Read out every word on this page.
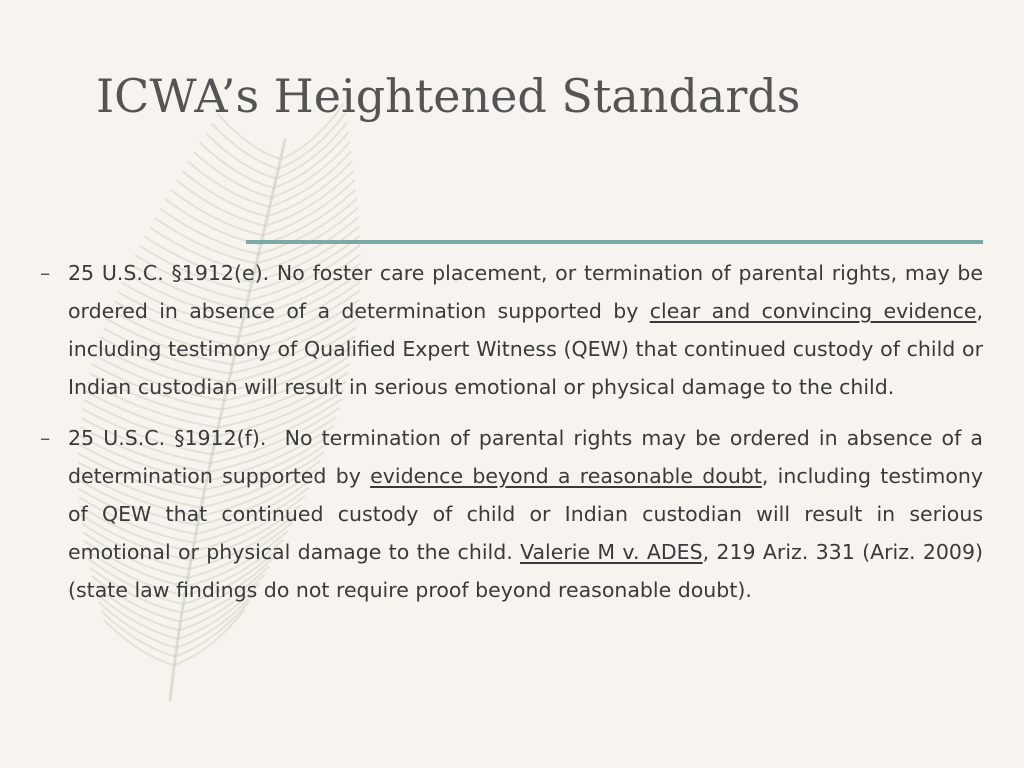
ICWA’s Heightened Standards
– 25 U.S.C. §1912(e). No foster care placement, or termination of parental rights, may be ordered in absence of a determination supported by clear and convincing evidence, including testimony of Qualified Expert Witness (QEW) that continued custody of child or Indian custodian will result in serious emotional or physical damage to the child.
– 25 U.S.C. §1912(f).  No termination of parental rights may be ordered in absence of a determination supported by evidence beyond a reasonable doubt, including testimony of QEW that continued custody of child or Indian custodian will result in serious emotional or physical damage to the child. Valerie M v. ADES, 219 Ariz. 331 (Ariz. 2009)(state law findings do not require proof beyond reasonable doubt).
